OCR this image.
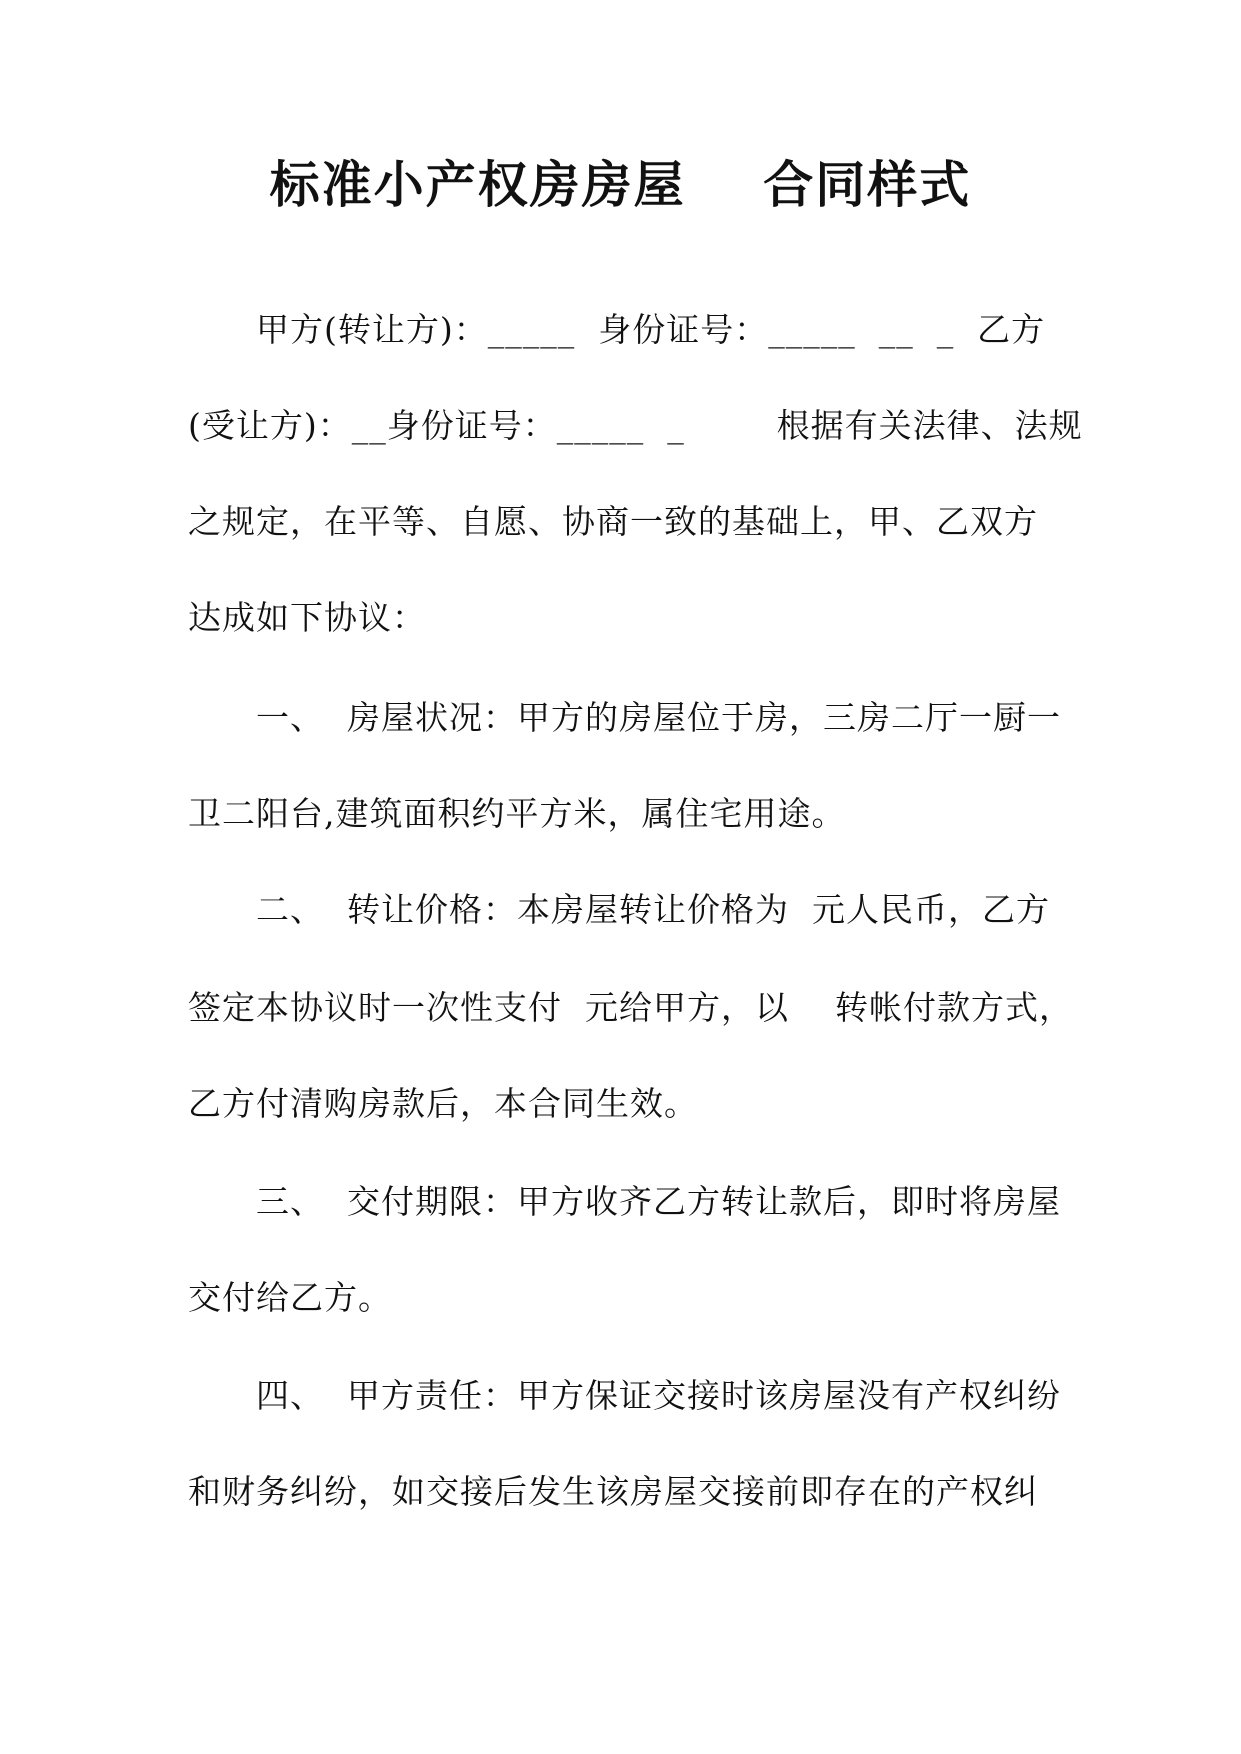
标准小产权房房屋    合同样式
甲方(转让方)：_____  身份证号：_____  __  _  乙方
(受让方)：__身份证号：_____  _        根据有关法律、法规
之规定，在平等、自愿、协商一致的基础上，甲、乙双方
达成如下协议：
一、  房屋状况：甲方的房屋位于房，三房二厅一厨一
卫二阳台,建筑面积约平方米，属住宅用途。
二、  转让价格：本房屋转让价格为  元人民币，乙方
签定本协议时一次性支付  元给甲方，以    转帐付款方式，
乙方付清购房款后，本合同生效。
三、  交付期限：甲方收齐乙方转让款后，即时将房屋
交付给乙方。
四、  甲方责任：甲方保证交接时该房屋没有产权纠纷
和财务纠纷，如交接后发生该房屋交接前即存在的产权纠
